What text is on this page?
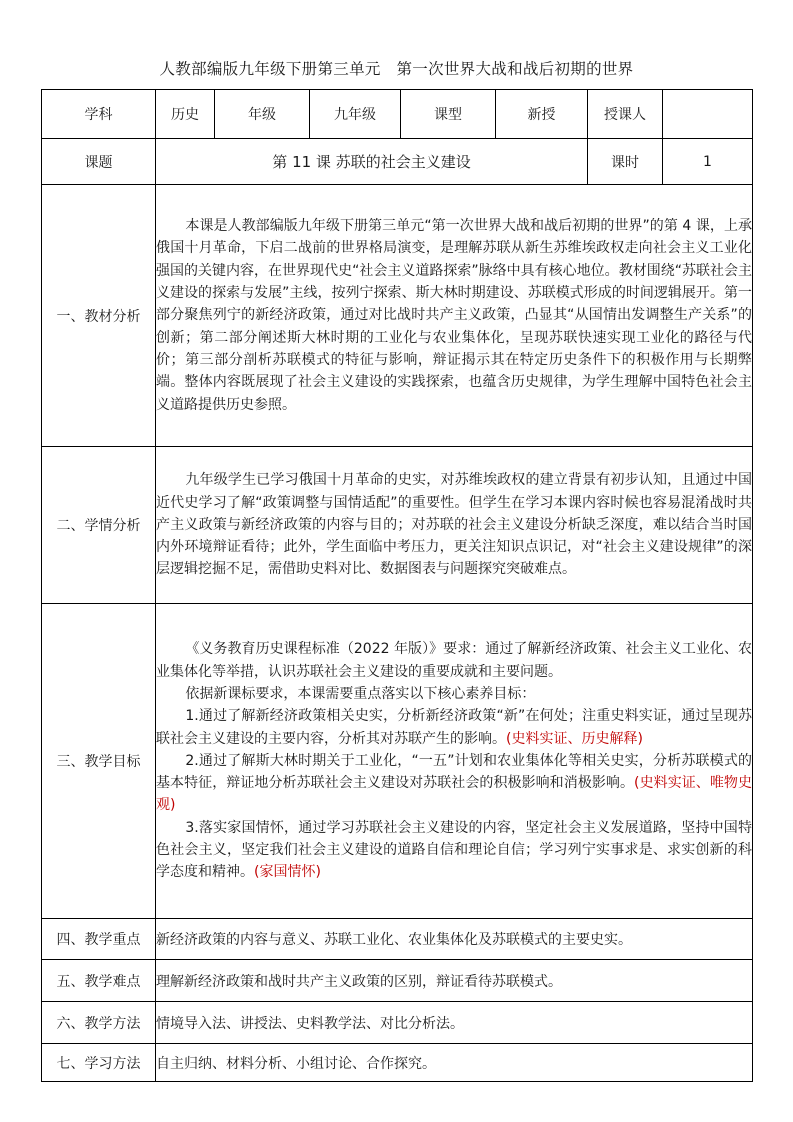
人教部编版九年级下册第三单元　第一次世界大战和战后初期的世界
学科	历史	年级	九年级	课型	新授	授课人	
课题	第 11 课 苏联的社会主义建设					课时	1
一、教材分析	本课是人教部编版九年级下册第三单元“第一次世界大战和战后初期的世界”的第 4 课，上承俄国十月革命，下启二战前的世界格局演变，是理解苏联从新生苏维埃政权走向社会主义工业化强国的关键内容，在世界现代史“社会主义道路探索”脉络中具有核心地位。教材围绕“苏联社会主义建设的探索与发展”主线，按列宁探索、斯大林时期建设、苏联模式形成的时间逻辑展开。第一部分聚焦列宁的新经济政策，通过对比战时共产主义政策，凸显其“从国情出发调整生产关系”的创新；第二部分阐述斯大林时期的工业化与农业集体化，呈现苏联快速实现工业化的路径与代价；第三部分剖析苏联模式的特征与影响，辩证揭示其在特定历史条件下的积极作用与长期弊端。整体内容既展现了社会主义建设的实践探索，也蕴含历史规律，为学生理解中国特色社会主义道路提供历史参照。						

二、学情分析	九年级学生已学习俄国十月革命的史实，对苏维埃政权的建立背景有初步认知，且通过中国近代史学习了解“政策调整与国情适配”的重要性。但学生在学习本课内容时候也容易混淆战时共产主义政策与新经济政策的内容与目的；对苏联的社会主义建设分析缺乏深度，难以结合当时国内外环境辩证看待；此外，学生面临中考压力，更关注知识点识记，对“社会主义建设规律”的深层逻辑挖掘不足，需借助史料对比、数据图表与问题探究突破难点。						

三、教学目标	《义务教育历史课程标准（2022 年版）》要求：通过了解新经济政策、社会主义工业化、农业集体化等举措，认识苏联社会主义建设的重要成就和主要问题。

依据新课标要求，本课需要重点落实以下核心素养目标：

1.通过了解新经济政策相关史实，分析新经济政策“新”在何处；注重史料实证，通过呈现苏联社会主义建设的主要内容，分析其对苏联产生的影响。(史料实证、历史解释)

2.通过了解斯大林时期关于工业化，“一五”计划和农业集体化等相关史实，分析苏联模式的基本特征，辩证地分析苏联社会主义建设对苏联社会的积极影响和消极影响。(史料实证、唯物史观)

3.落实家国情怀，通过学习苏联社会主义建设的内容，坚定社会主义发展道路，坚持中国特色社会主义，坚定我们社会主义建设的道路自信和理论自信；学习列宁实事求是、求实创新的科学态度和精神。(家国情怀)						

四、教学重点	新经济政策的内容与意义、苏联工业化、农业集体化及苏联模式的主要史实。						
五、教学难点	理解新经济政策和战时共产主义政策的区别，辩证看待苏联模式。						
六、教学方法	情境导入法、讲授法、史料教学法、对比分析法。						
七、学习方法	自主归纳、材料分析、小组讨论、合作探究。						
